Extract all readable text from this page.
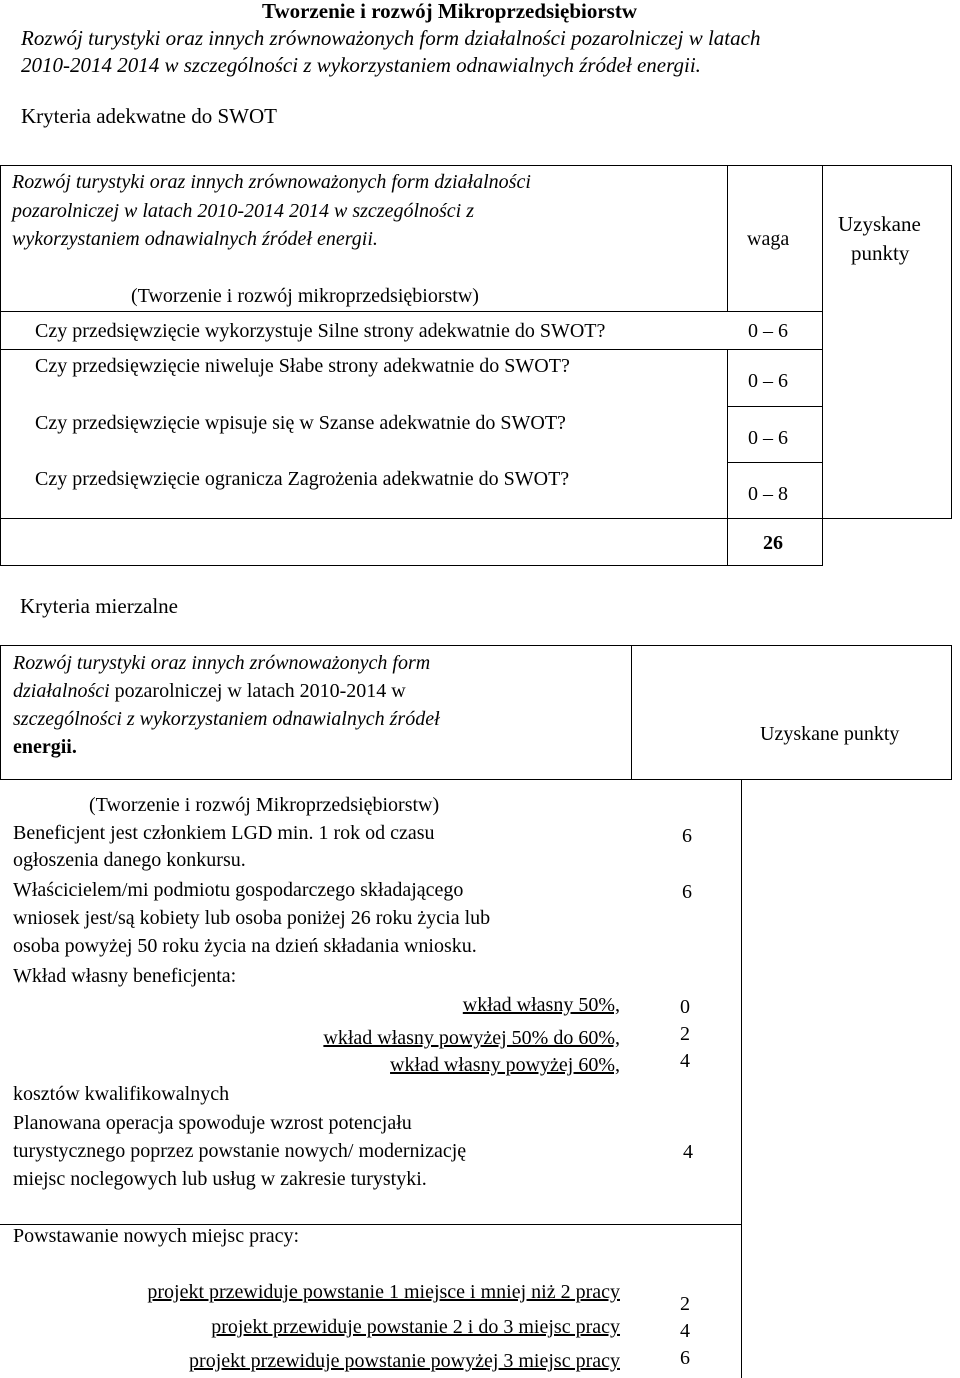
Tworzenie i rozwój Mikroprzedsiębiorstw
Rozwój turystyki oraz innych zrównoważonych form działalności pozarolniczej w latach
2010-2014 2014 w szczególności z wykorzystaniem odnawialnych źródeł energii.
Kryteria adekwatne do SWOT
Rozwój turystyki oraz innych zrównoważonych form działalności
pozarolniczej w latach 2010-2014 2014 w szczególności z
wykorzystaniem odnawialnych źródeł energii.	waga
Uzyskane
punkty
(Tworzenie i rozwój mikroprzedsiębiorstw)
Czy przedsięwzięcie wykorzystuje Silne strony adekwatnie do SWOT?	0 – 6
Czy przedsięwzięcie niweluje Słabe strony adekwatnie do SWOT?
0 – 6
Czy przedsięwzięcie wpisuje się w Szanse adekwatnie do SWOT?
0 – 6
Czy przedsięwzięcie ogranicza Zagrożenia adekwatnie do SWOT?
0 – 8
26
Kryteria mierzalne
Rozwój turystyki oraz innych zrównoważonych form
działalności pozarolniczej w latach 2010-2014 w
szczególności z wykorzystaniem odnawialnych źródeł
energii.
Uzyskane punkty
(Tworzenie i rozwój Mikroprzedsiębiorstw)
Beneficjent jest członkiem LGD min. 1 rok od czasu
ogłoszenia danego konkursu.
6
Właścicielem/mi podmiotu gospodarczego składającego
wniosek jest/są kobiety lub osoba poniżej 26 roku życia lub
osoba powyżej 50 roku życia na dzień składania wniosku.
6
Wkład własny beneficjenta:
wkład własny 50%,
wkład własny powyżej 50% do 60%,
wkład własny powyżej 60%,
kosztów kwalifikowalnych
0
2
4
Planowana operacja spowoduje wzrost potencjału
turystycznego poprzez powstanie nowych/ modernizację
miejsc noclegowych lub usług w zakresie turystyki.
4
Powstawanie nowych miejsc pracy:
projekt przewiduje powstanie 1 miejsce i mniej niż 2 pracy
projekt przewiduje powstanie 2 i do 3 miejsc pracy
projekt przewiduje powstanie powyżej 3 miejsc pracy
2
4
6
